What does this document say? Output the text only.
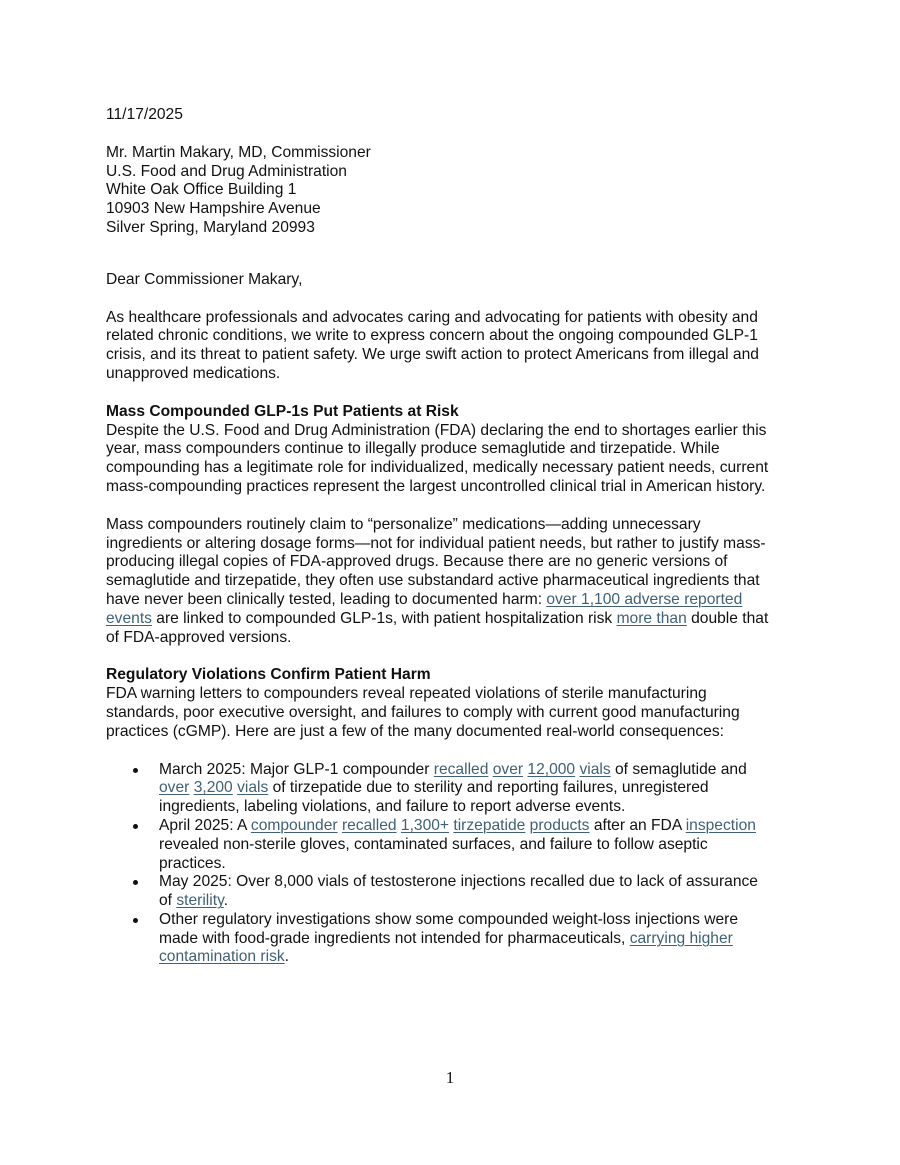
11/17/2025
Mr. Martin Makary, MD, Commissioner
U.S. Food and Drug Administration
White Oak Office Building 1
10903 New Hampshire Avenue
Silver Spring, Maryland 20993
Dear Commissioner Makary,
As healthcare professionals and advocates caring and advocating for patients with obesity and
related chronic conditions, we write to express concern about the ongoing compounded GLP-1
crisis, and its threat to patient safety. We urge swift action to protect Americans from illegal and
unapproved medications.
Mass Compounded GLP-1s Put Patients at Risk
Despite the U.S. Food and Drug Administration (FDA) declaring the end to shortages earlier this
year, mass compounders continue to illegally produce semaglutide and tirzepatide. While
compounding has a legitimate role for individualized, medically necessary patient needs, current
mass-compounding practices represent the largest uncontrolled clinical trial in American history.
Mass compounders routinely claim to “personalize” medications—adding unnecessary
ingredients or altering dosage forms—not for individual patient needs, but rather to justify mass-
producing illegal copies of FDA-approved drugs. Because there are no generic versions of
semaglutide and tirzepatide, they often use substandard active pharmaceutical ingredients that
have never been clinically tested, leading to documented harm: over 1,100 adverse reported
events are linked to compounded GLP-1s, with patient hospitalization risk more than double that
of FDA-approved versions.
Regulatory Violations Confirm Patient Harm
FDA warning letters to compounders reveal repeated violations of sterile manufacturing
standards, poor executive oversight, and failures to comply with current good manufacturing
practices (cGMP). Here are just a few of the many documented real-world consequences:
March 2025: Major GLP-1 compounder recalled over 12,000 vials of semaglutide and
over 3,200 vials of tirzepatide due to sterility and reporting failures, unregistered
ingredients, labeling violations, and failure to report adverse events.
April 2025: A compounder recalled 1,300+ tirzepatide products after an FDA inspection
revealed non-sterile gloves, contaminated surfaces, and failure to follow aseptic
practices.
May 2025: Over 8,000 vials of testosterone injections recalled due to lack of assurance
of sterility.
Other regulatory investigations show some compounded weight-loss injections were
made with food-grade ingredients not intended for pharmaceuticals, carrying higher
contamination risk.
1
